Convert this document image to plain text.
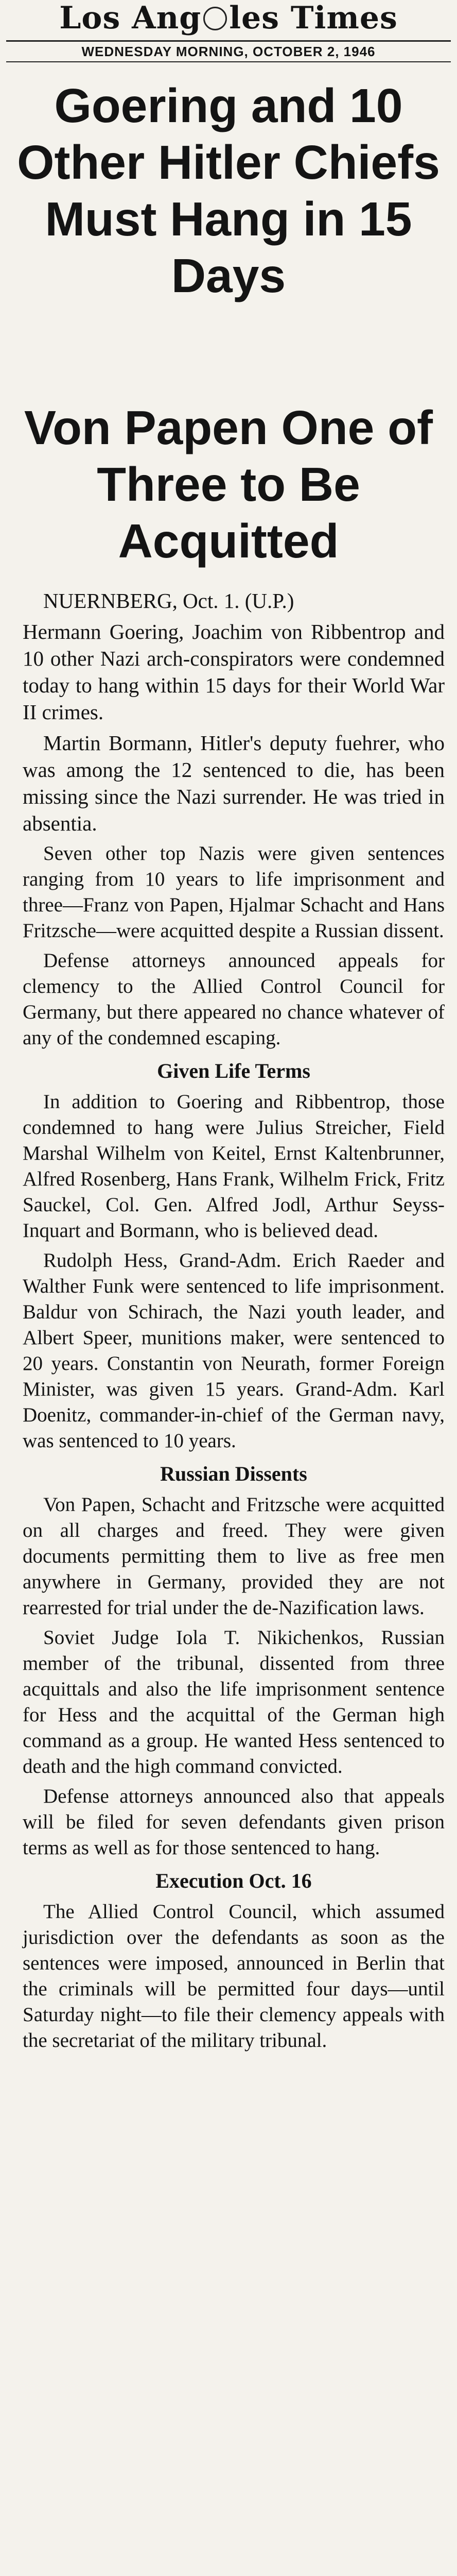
Los Ang les Times
WEDNESDAY MORNING, OCTOBER 2, 1946
Goering and 10 Other Hitler Chiefs Must Hang in 15 Days
Von Papen One of Three to Be Acquitted

NUERNBERG, Oct. 1. (U.P.)

Hermann Goering, Joachim von Ribbentrop and 10 other Nazi arch-conspirators were condemned today to hang within 15 days for their World War II crimes.

Martin Bormann, Hitler's deputy fuehrer, who was among the 12 sentenced to die, has been missing since the Nazi surrender. He was tried in absentia.

Seven other top Nazis were given sentences ranging from 10 years to life imprisonment and three—Franz von Papen, Hjalmar Schacht and Hans Fritzsche—were acquitted despite a Russian dissent.

Defense attorneys announced appeals for clemency to the Allied Control Council for Germany, but there appeared no chance whatever of any of the condemned escaping.

Given Life Terms

In addition to Goering and Ribbentrop, those condemned to hang were Julius Streicher, Field Marshal Wilhelm von Keitel, Ernst Kaltenbrunner, Alfred Rosenberg, Hans Frank, Wilhelm Frick, Fritz Sauckel, Col. Gen. Alfred Jodl, Arthur Seyss-Inquart and Bormann, who is believed dead.

Rudolph Hess, Grand-Adm. Erich Raeder and Walther Funk were sentenced to life imprisonment. Baldur von Schirach, the Nazi youth leader, and Albert Speer, munitions maker, were sentenced to 20 years. Constantin von Neurath, former Foreign Minister, was given 15 years. Grand-Adm. Karl Doenitz, commander-in-chief of the German navy, was sentenced to 10 years.

Russian Dissents

Von Papen, Schacht and Fritzsche were acquitted on all charges and freed. They were given documents permitting them to live as free men anywhere in Germany, provided they are not rearrested for trial under the de-Nazification laws.

Soviet Judge Iola T. Nikichenkos, Russian member of the tribunal, dissented from three acquittals and also the life imprisonment sentence for Hess and the acquittal of the German high command as a group. He wanted Hess sentenced to death and the high command convicted.

Defense attorneys announced also that appeals will be filed for seven defendants given prison terms as well as for those sentenced to hang.

Execution Oct. 16

The Allied Control Council, which assumed jurisdiction over the defendants as soon as the sentences were imposed, announced in Berlin that the criminals will be permitted four days—until Saturday night—to file their clemency appeals with the secretariat of the military tribunal.
